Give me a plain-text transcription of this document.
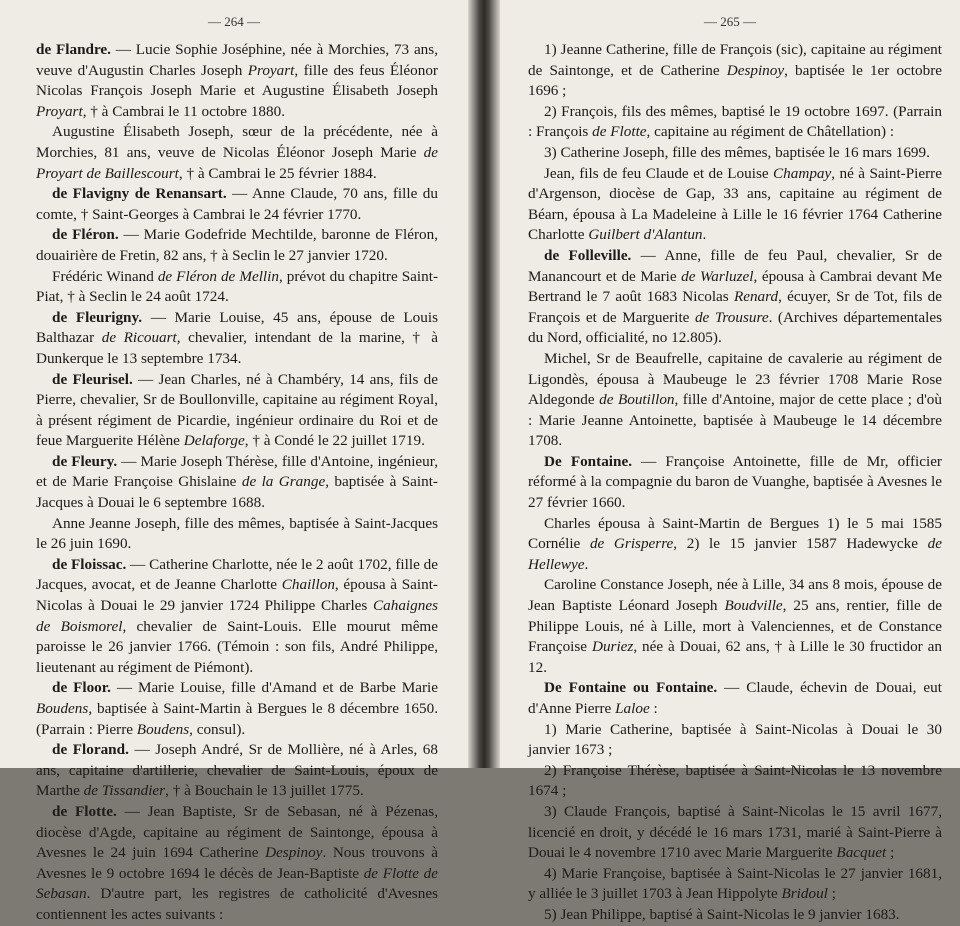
— 264 —

de Flandre. — Lucie Sophie Joséphine, née à Morchies, 73 ans, veuve d'Augustin Charles Joseph Proyart, fille des feus Éléonor Nicolas François Joseph Marie et Augustine Élisabeth Joseph Proyart, † à Cambrai le 11 octobre 1880.

Augustine Élisabeth Joseph, sœur de la précédente, née à Morchies, 81 ans, veuve de Nicolas Éléonor Joseph Marie de Proyart de Baillescourt, † à Cambrai le 25 février 1884.

de Flavigny de Renansart. — Anne Claude, 70 ans, fille du comte, † Saint-Georges à Cambrai le 24 février 1770.

de Fléron. — Marie Godefride Mechtilde, baronne de Fléron, douairière de Fretin, 82 ans, † à Seclin le 27 janvier 1720.

Frédéric Winand de Fléron de Mellin, prévot du chapitre Saint-Piat, † à Seclin le 24 août 1724.

de Fleurigny. — Marie Louise, 45 ans, épouse de Louis Balthazar de Ricouart, chevalier, intendant de la marine, † à Dunkerque le 13 septembre 1734.

de Fleurisel. — Jean Charles, né à Chambéry, 14 ans, fils de Pierre, chevalier, Sr de Boullonville, capitaine au régiment Royal, à présent régiment de Picardie, ingénieur ordinaire du Roi et de feue Marguerite Hélène Delaforge, † à Condé le 22 juillet 1719.

de Fleury. — Marie Joseph Thérèse, fille d'Antoine, ingénieur, et de Marie Françoise Ghislaine de la Grange, baptisée à Saint-Jacques à Douai le 6 septembre 1688.

Anne Jeanne Joseph, fille des mêmes, baptisée à Saint-Jacques le 26 juin 1690.

de Floissac. — Catherine Charlotte, née le 2 août 1702, fille de Jacques, avocat, et de Jeanne Charlotte Chaillon, épousa à Saint-Nicolas à Douai le 29 janvier 1724 Philippe Charles Cahaignes de Boismorel, chevalier de Saint-Louis. Elle mourut même paroisse le 26 janvier 1766. (Témoin : son fils, André Philippe, lieutenant au régiment de Piémont).

de Floor. — Marie Louise, fille d'Amand et de Barbe Marie Boudens, baptisée à Saint-Martin à Bergues le 8 décembre 1650. (Parrain : Pierre Boudens, consul).

de Florand. — Joseph André, Sr de Mollière, né à Arles, 68 ans, capitaine d'artillerie, chevalier de Saint-Louis, époux de Marthe de Tissandier, † à Bouchain le 13 juillet 1775.

de Flotte. — Jean Baptiste, Sr de Sebasan, né à Pézenas, diocèse d'Agde, capitaine au régiment de Saintonge, épousa à Avesnes le 24 juin 1694 Catherine Despinoy. Nous trouvons à Avesnes le 9 octobre 1694 le décès de Jean-Baptiste de Flotte de Sebasan. D'autre part, les registres de catholicité d'Avesnes contiennent les actes suivants :

— 265 —

1) Jeanne Catherine, fille de François (sic), capitaine au régiment de Saintonge, et de Catherine Despinoy, baptisée le 1er octobre 1696 ;

2) François, fils des mêmes, baptisé le 19 octobre 1697. (Parrain : François de Flotte, capitaine au régiment de Châtellation) :

3) Catherine Joseph, fille des mêmes, baptisée le 16 mars 1699.

Jean, fils de feu Claude et de Louise Champay, né à Saint-Pierre d'Argenson, diocèse de Gap, 33 ans, capitaine au régiment de Béarn, épousa à La Madeleine à Lille le 16 février 1764 Catherine Charlotte Guilbert d'Alantun.

de Folleville. — Anne, fille de feu Paul, chevalier, Sr de Manancourt et de Marie de Warluzel, épousa à Cambrai devant Me Bertrand le 7 août 1683 Nicolas Renard, écuyer, Sr de Tot, fils de François et de Marguerite de Trousure. (Archives départementales du Nord, officialité, no 12.805).

Michel, Sr de Beaufrelle, capitaine de cavalerie au régiment de Ligondès, épousa à Maubeuge le 23 février 1708 Marie Rose Aldegonde de Boutillon, fille d'Antoine, major de cette place ; d'où : Marie Jeanne Antoinette, baptisée à Maubeuge le 14 décembre 1708.

De Fontaine. — Françoise Antoinette, fille de Mr, officier réformé à la compagnie du baron de Vuanghe, baptisée à Avesnes le 27 février 1660.

Charles épousa à Saint-Martin de Bergues 1) le 5 mai 1585 Cornélie de Grisperre, 2) le 15 janvier 1587 Hadewycke de Hellewye.

Caroline Constance Joseph, née à Lille, 34 ans 8 mois, épouse de Jean Baptiste Léonard Joseph Boudville, 25 ans, rentier, fille de Philippe Louis, né à Lille, mort à Valenciennes, et de Constance Françoise Duriez, née à Douai, 62 ans, † à Lille le 30 fructidor an 12.

De Fontaine ou Fontaine. — Claude, échevin de Douai, eut d'Anne Pierre Laloe :

1) Marie Catherine, baptisée à Saint-Nicolas à Douai le 30 janvier 1673 ;

2) Françoise Thérèse, baptisée à Saint-Nicolas le 13 novembre 1674 ;

3) Claude François, baptisé à Saint-Nicolas le 15 avril 1677, licencié en droit, y décédé le 16 mars 1731, marié à Saint-Pierre à Douai le 4 novembre 1710 avec Marie Marguerite Bacquet ;

4) Marie Françoise, baptisée à Saint-Nicolas le 27 janvier 1681, y alliée le 3 juillet 1703 à Jean Hippolyte Bridoul ;

5) Jean Philippe, baptisé à Saint-Nicolas le 9 janvier 1683.
